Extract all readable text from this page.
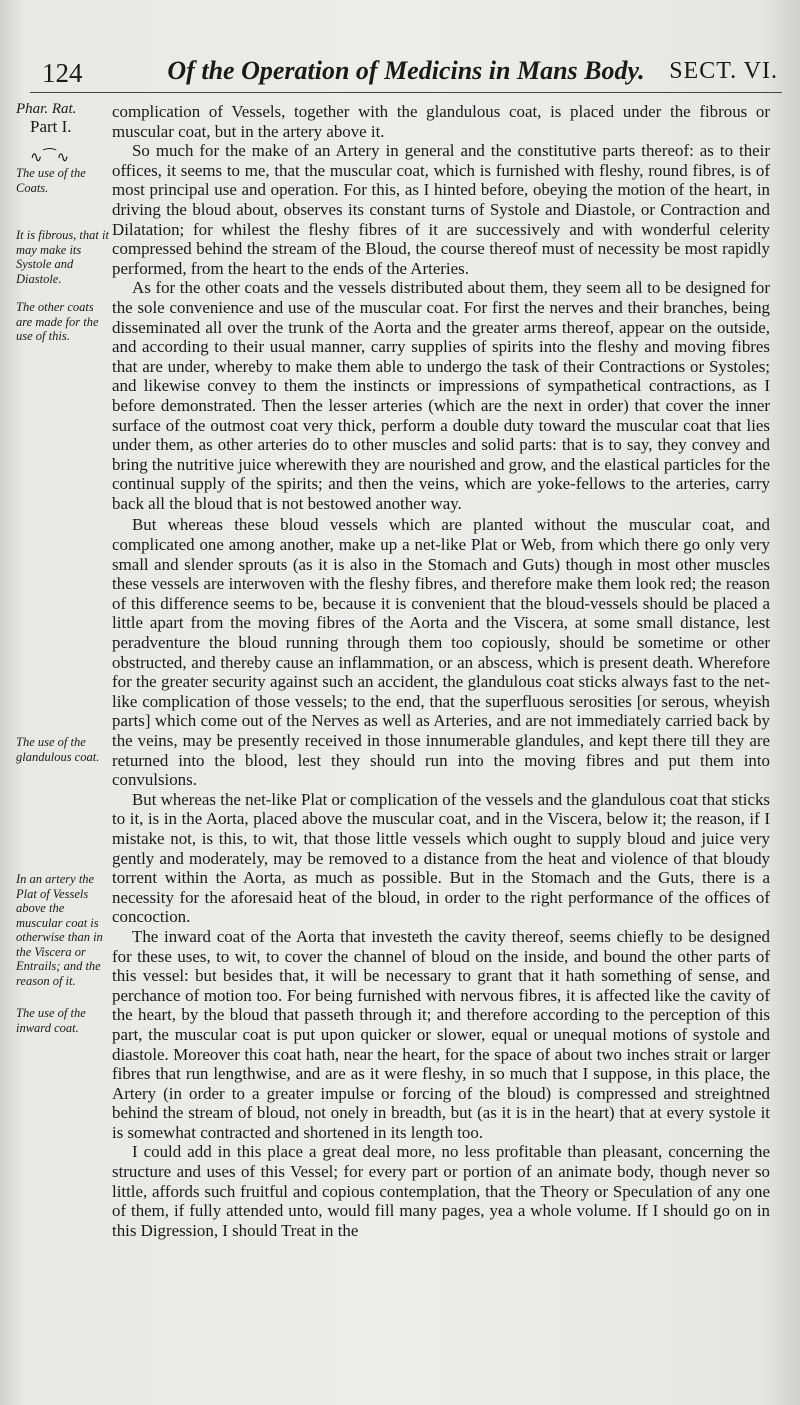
124	Of the Operation of Medicins in Mans Body.	SECT. VI.
Phar. Rat.
Part I.
∿⁀∿
The use of the Coats.
It is fibrous, that it may make its Systole and Diastole.
The other coats are made for the use of this.
The use of the glandulous coat.
In an artery the Plat of Vessels above the muscular coat is otherwise than in the Viscera or Entrails; and the reason of it.
The use of the inward coat.

complication of Vessels, together with the glandulous coat, is placed under the fibrous or muscular coat, but in the artery above it.

So much for the make of an Artery in general and the constitutive parts thereof: as to their offices, it seems to me, that the muscular coat, which is furnished with fleshy, round fibres, is of most principal use and operation. For this, as I hinted before, obeying the motion of the heart, in driving the bloud about, observes its constant turns of Systole and Diastole, or Contraction and Dilatation; for whilest the fleshy fibres of it are successively and with wonderful celerity compressed behind the stream of the Bloud, the course thereof must of necessity be most rapidly performed, from the heart to the ends of the Arteries.

As for the other coats and the vessels distributed about them, they seem all to be designed for the sole convenience and use of the muscular coat. For first the nerves and their branches, being disseminated all over the trunk of the Aorta and the greater arms thereof, appear on the outside, and according to their usual manner, carry supplies of spirits into the fleshy and moving fibres that are under, whereby to make them able to undergo the task of their Contractions or Systoles; and likewise convey to them the instincts or impressions of sympathetical contractions, as I before demonstrated. Then the lesser arteries (which are the next in order) that cover the inner surface of the outmost coat very thick, perform a double duty toward the muscular coat that lies under them, as other arteries do to other muscles and solid parts: that is to say, they convey and bring the nutritive juice wherewith they are nourished and grow, and the elastical particles for the continual supply of the spirits; and then the veins, which are yoke-fellows to the arteries, carry back all the bloud that is not bestowed another way.

But whereas these bloud vessels which are planted without the muscular coat, and complicated one among another, make up a net-like Plat or Web, from which there go only very small and slender sprouts (as it is also in the Stomach and Guts) though in most other muscles these vessels are interwoven with the fleshy fibres, and therefore make them look red; the reason of this difference seems to be, because it is convenient that the bloud-vessels should be placed a little apart from the moving fibres of the Aorta and the Viscera, at some small distance, lest peradventure the bloud running through them too copiously, should be sometime or other obstructed, and thereby cause an inflammation, or an abscess, which is present death. Wherefore for the greater security against such an accident, the glandulous coat sticks always fast to the net-like complication of those vessels; to the end, that the superfluous serosities [or serous, wheyish parts] which come out of the Nerves as well as Arteries, and are not immediately carried back by the veins, may be presently received in those innumerable glandules, and kept there till they are returned into the blood, lest they should run into the moving fibres and put them into convulsions.

But whereas the net-like Plat or complication of the vessels and the glandulous coat that sticks to it, is in the Aorta, placed above the muscular coat, and in the Viscera, below it; the reason, if I mistake not, is this, to wit, that those little vessels which ought to supply bloud and juice very gently and moderately, may be removed to a distance from the heat and violence of that bloudy torrent within the Aorta, as much as possible. But in the Stomach and the Guts, there is a necessity for the aforesaid heat of the bloud, in order to the right performance of the offices of concoction.

The inward coat of the Aorta that investeth the cavity thereof, seems chiefly to be designed for these uses, to wit, to cover the channel of bloud on the inside, and bound the other parts of this vessel: but besides that, it will be necessary to grant that it hath something of sense, and perchance of motion too. For being furnished with nervous fibres, it is affected like the cavity of the heart, by the bloud that passeth through it; and therefore according to the perception of this part, the muscular coat is put upon quicker or slower, equal or unequal motions of systole and diastole. Moreover this coat hath, near the heart, for the space of about two inches strait or larger fibres that run lengthwise, and are as it were fleshy, in so much that I suppose, in this place, the Artery (in order to a greater impulse or forcing of the bloud) is compressed and streightned behind the stream of bloud, not onely in breadth, but (as it is in the heart) that at every systole it is somewhat contracted and shortened in its length too.

I could add in this place a great deal more, no less profitable than pleasant, concerning the structure and uses of this Vessel; for every part or portion of an animate body, though never so little, affords such fruitful and copious contemplation, that the Theory or Speculation of any one of them, if fully attended unto, would fill many pages, yea a whole volume. If I should go on in this Digression, I should Treat in the
